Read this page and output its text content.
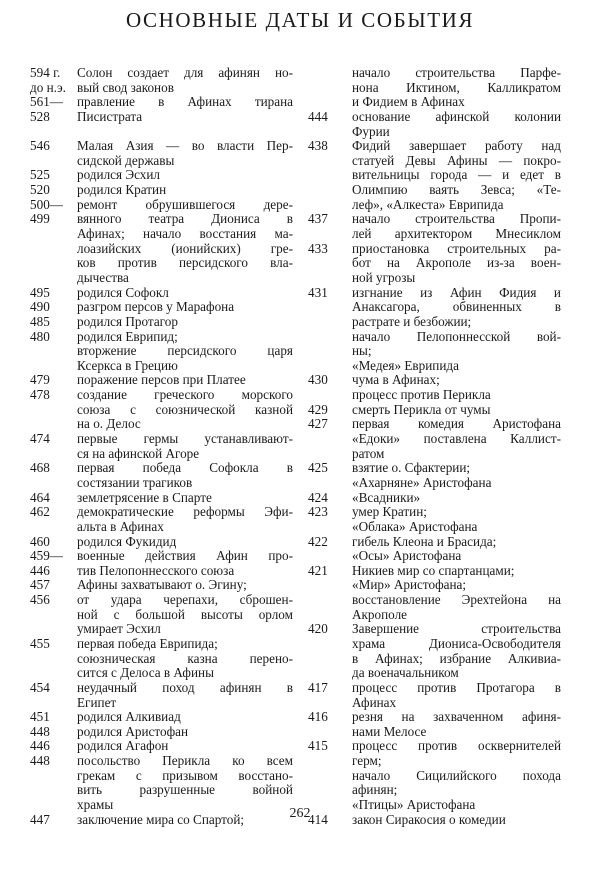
ОСНОВНЫЕ ДАТЫ И СОБЫТИЯ
594 г.	Солон создает для афинян но-
до н.э. вый свод законов
561—	правление в Афинах тирана
528	Писистрата
546	Малая Азия — во власти Пер-
сидской державы
525	родился Эсхил
520	родился Кратин
500—	ремонт обрушившегося дере-
499	вянного театра Диониса в
Афинах; начало восстания ма-
лоазийских (ионийских) гре-
ков против персидского вла-
дычества
495	родился Софокл
490	разгром персов у Марафона
485	родился Протагор
480	родился Еврипид;
вторжение персидского царя
Ксеркса в Грецию
479	поражение персов при Платее
478	создание греческого морского
союза с союзнической казной
на о. Делос
474	первые гермы устанавливают-
ся на афинской Агоре
468	первая победа Софокла в
состязании трагиков
464	землетрясение в Спарте
462	демократические реформы Эфи-
альта в Афинах
460	родился Фукидид
459—	военные действия Афин про-
446	тив Пелопоннесского союза
457	Афины захватывают о. Эгину;
456	от удара черепахи, сброшен-
ной с большой высоты орлом
умирает Эсхил
455	первая победа Еврипида;
союзническая казна перено-
сится с Делоса в Афины
454	неудачный поход афинян в
Египет
451	родился Алкивиад
448	родился Аристофан
446	родился Агафон
448	посольство Перикла ко всем
грекам с призывом восстано-
вить разрушенные войной
храмы
447	заключение мира со Спартой;
начало строительства Парфе-
нона Иктином, Калликратом
и Фидием в Афинах
444	основание афинской колонии
Фурии
438	Фидий завершает работу над
статуей Девы Афины — покро-
вительницы города — и едет в
Олимпию ваять Зевса; «Те-
леф», «Алкеста» Еврипида
437	начало строительства Пропи-
лей архитектором Мнесиклом
433	приостановка строительных ра-
бот на Акрополе из-за воен-
ной угрозы
431	изгнание из Афин Фидия и
Анаксагора, обвиненных в
растрате и безбожии;
начало Пелопоннесской вой-
ны;
«Медея» Еврипида
430	чума в Афинах;
процесс против Перикла
429	смерть Перикла от чумы
427	первая комедия Аристофана
«Едоки» поставлена Каллист-
ратом
425	взятие о. Сфактерии;
«Ахарняне» Аристофана
424	«Всадники»
423	умер Кратин;
«Облака» Аристофана
422	гибель Клеона и Брасида;
«Осы» Аристофана
421	Никиев мир со спартанцами;
«Мир» Аристофана;
восстановление Эрехтейона на
Акрополе
420	Завершение строительства
храма Диониса-Освободителя
в Афинах; избрание Алкивиа-
да военачальником
417	процесс против Протагора в
Афинах
416	резня на захваченном афиня-
нами Мелосе
415	процесс против осквернителей
герм;
начало Сицилийского похода
афинян;
«Птицы» Аристофана
414	закон Сиракосия о комедии
262
